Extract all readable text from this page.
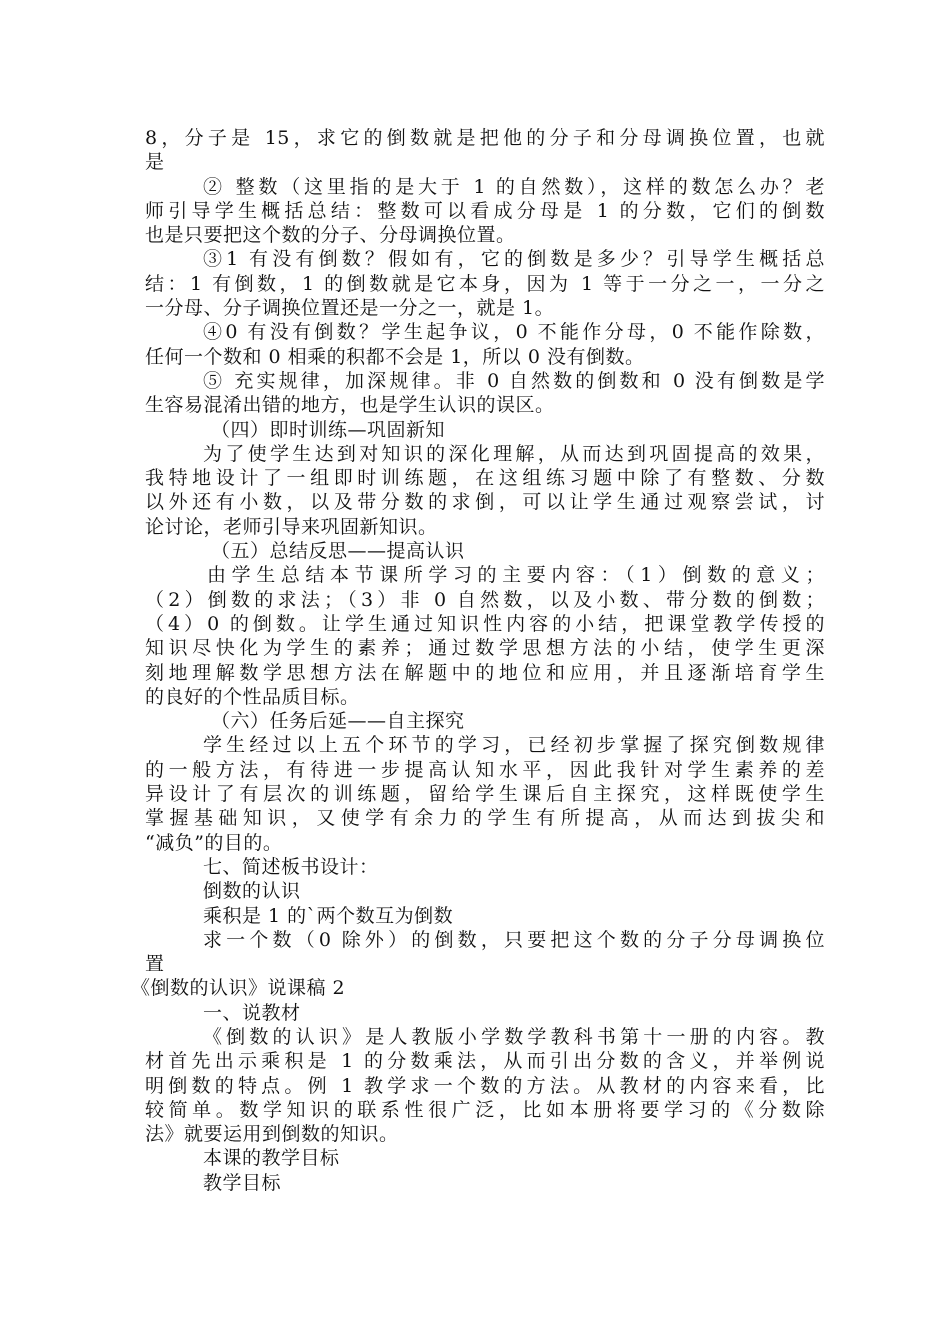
8，分子是 15，求它的倒数就是把他的分子和分母调换位置，也就
是
② 整数（这里指的是大于 1 的自然数），这样的数怎么办？老
师引导学生概括总结：整数可以看成分母是 1 的分数，它们的倒数
也是只要把这个数的分子、分母调换位置。
③1 有没有倒数？假如有，它的倒数是多少？引导学生概括总
结：1 有倒数，1 的倒数就是它本身，因为 1 等于一分之一，一分之
一分母、分子调换位置还是一分之一，就是 1。
④0 有没有倒数？学生起争议，0 不能作分母，0 不能作除数，
任何一个数和 0 相乘的积都不会是 1，所以 0 没有倒数。
⑤ 充实规律，加深规律。非 0 自然数的倒数和 0 没有倒数是学
生容易混淆出错的地方，也是学生认识的误区。
（四）即时训练—巩固新知
为了使学生达到对知识的深化理解，从而达到巩固提高的效果，
我特地设计了一组即时训练题，在这组练习题中除了有整数、分数
以外还有小数，以及带分数的求倒，可以让学生通过观察尝试，讨
论讨论，老师引导来巩固新知识。
（五）总结反思——提高认识
由学生总结本节课所学习的主要内容：（1）倒数的意义；
（2）倒数的求法；（3）非 0 自然数，以及小数、带分数的倒数；
（4）0 的倒数。让学生通过知识性内容的小结，把课堂教学传授的
知识尽快化为学生的素养；通过数学思想方法的小结，使学生更深
刻地理解数学思想方法在解题中的地位和应用，并且逐渐培育学生
的良好的个性品质目标。
（六）任务后延——自主探究
学生经过以上五个环节的学习，已经初步掌握了探究倒数规律
的一般方法，有待进一步提高认知水平，因此我针对学生素养的差
异设计了有层次的训练题，留给学生课后自主探究，这样既使学生
掌握基础知识，又使学有余力的学生有所提高，从而达到拔尖和
“减负”的目的。
七、简述板书设计：
倒数的认识
乘积是 1 的`两个数互为倒数
求一个数（0 除外）的倒数，只要把这个数的分子分母调换位
置
《倒数的认识》说课稿 2
一、说教材
《倒数的认识》是人教版小学数学教科书第十一册的内容。教
材首先出示乘积是 1 的分数乘法，从而引出分数的含义，并举例说
明倒数的特点。例 1 教学求一个数的方法。从教材的内容来看，比
较简单。数学知识的联系性很广泛，比如本册将要学习的《分数除
法》就要运用到倒数的知识。
本课的教学目标
教学目标
